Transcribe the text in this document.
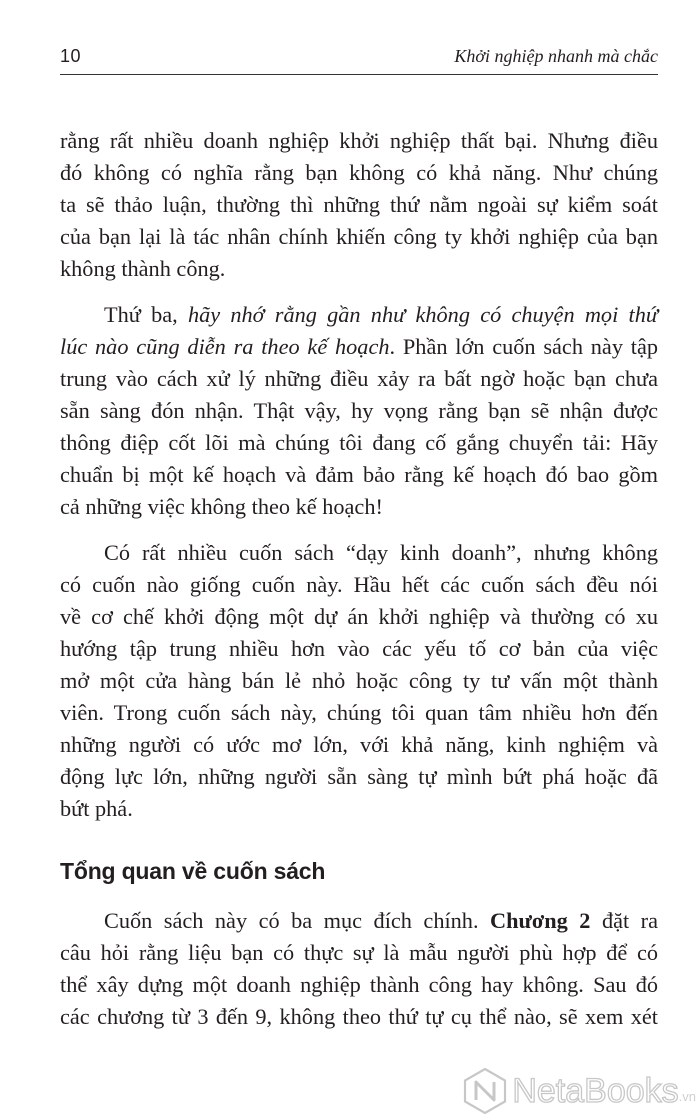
10	Khởi nghiệp nhanh mà chắc
rằng rất nhiều doanh nghiệp khởi nghiệp thất bại. Nhưng điều
đó không có nghĩa rằng bạn không có khả năng. Như chúng
ta sẽ thảo luận, thường thì những thứ nằm ngoài sự kiểm soát
của bạn lại là tác nhân chính khiến công ty khởi nghiệp của bạn
không thành công.
Thứ ba, hãy nhớ rằng gần như không có chuyện mọi thứ
lúc nào cũng diễn ra theo kế hoạch. Phần lớn cuốn sách này tập
trung vào cách xử lý những điều xảy ra bất ngờ hoặc bạn chưa
sẵn sàng đón nhận. Thật vậy, hy vọng rằng bạn sẽ nhận được
thông điệp cốt lõi mà chúng tôi đang cố gắng chuyển tải: Hãy
chuẩn bị một kế hoạch và đảm bảo rằng kế hoạch đó bao gồm
cả những việc không theo kế hoạch!
Có rất nhiều cuốn sách “dạy kinh doanh”, nhưng không
có cuốn nào giống cuốn này. Hầu hết các cuốn sách đều nói
về cơ chế khởi động một dự án khởi nghiệp và thường có xu
hướng tập trung nhiều hơn vào các yếu tố cơ bản của việc
mở một cửa hàng bán lẻ nhỏ hoặc công ty tư vấn một thành
viên. Trong cuốn sách này, chúng tôi quan tâm nhiều hơn đến
những người có ước mơ lớn, với khả năng, kinh nghiệm và
động lực lớn, những người sẵn sàng tự mình bứt phá hoặc đã
bứt phá.
Tổng quan về cuốn sách
Cuốn sách này có ba mục đích chính. Chương 2 đặt ra
câu hỏi rằng liệu bạn có thực sự là mẫu người phù hợp để có
thể xây dựng một doanh nghiệp thành công hay không. Sau đó
các chương từ 3 đến 9, không theo thứ tự cụ thể nào, sẽ xem xét
NetaBooks .vn
